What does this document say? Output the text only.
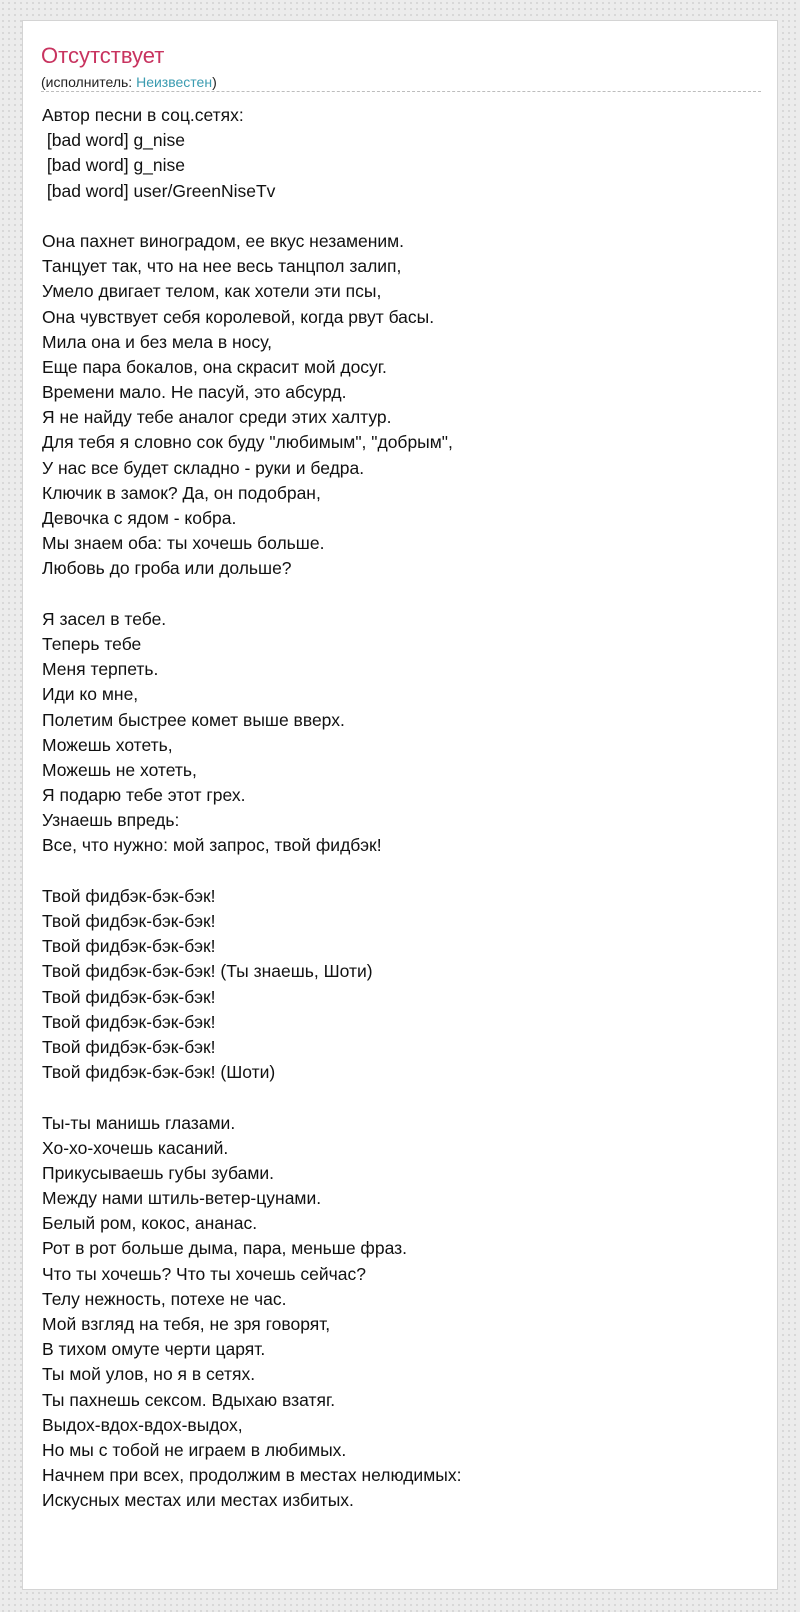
Отсутствует
(исполнитель: Неизвестен)
Автор песни в соц.сетях:
[bad word] g_nise
[bad word] g_nise
[bad word] user/GreenNiseTv
Она пахнет виноградом, ее вкус незаменим.
Танцует так, что на нее весь танцпол залип,
Умело двигает телом, как хотели эти псы,
Она чувствует себя королевой, когда рвут басы.
Мила она и без мела в носу,
Еще пара бокалов, она скрасит мой досуг.
Времени мало. Не пасуй, это абсурд.
Я не найду тебе аналог среди этих халтур.
Для тебя я словно сок буду "любимым", "добрым",
У нас все будет складно - руки и бедра.
Ключик в замок? Да, он подобран,
Девочка с ядом - кобра.
Мы знаем оба: ты хочешь больше.
Любовь до гроба или дольше?
Я засел в тебе.
Теперь тебе
Меня терпеть.
Иди ко мне,
Полетим быстрее комет выше вверх.
Можешь хотеть,
Можешь не хотеть,
Я подарю тебе этот грех.
Узнаешь впредь:
Все, что нужно: мой запрос, твой фидбэк!
Твой фидбэк-бэк-бэк!
Твой фидбэк-бэк-бэк!
Твой фидбэк-бэк-бэк!
Твой фидбэк-бэк-бэк! (Ты знаешь, Шоти)
Твой фидбэк-бэк-бэк!
Твой фидбэк-бэк-бэк!
Твой фидбэк-бэк-бэк!
Твой фидбэк-бэк-бэк! (Шоти)
Ты-ты манишь глазами.
Хо-хо-хочешь касаний.
Прикусываешь губы зубами.
Между нами штиль-ветер-цунами.
Белый ром, кокос, ананас.
Рот в рот больше дыма, пара, меньше фраз.
Что ты хочешь? Что ты хочешь сейчас?
Телу нежность, потехе не час.
Мой взгляд на тебя, не зря говорят,
В тихом омуте черти царят.
Ты мой улов, но я в сетях.
Ты пахнешь сексом. Вдыхаю взатяг.
Выдох-вдох-вдох-выдох,
Но мы с тобой не играем в любимых.
Начнем при всех, продолжим в местах нелюдимых:
Искусных местах или местах избитых.
